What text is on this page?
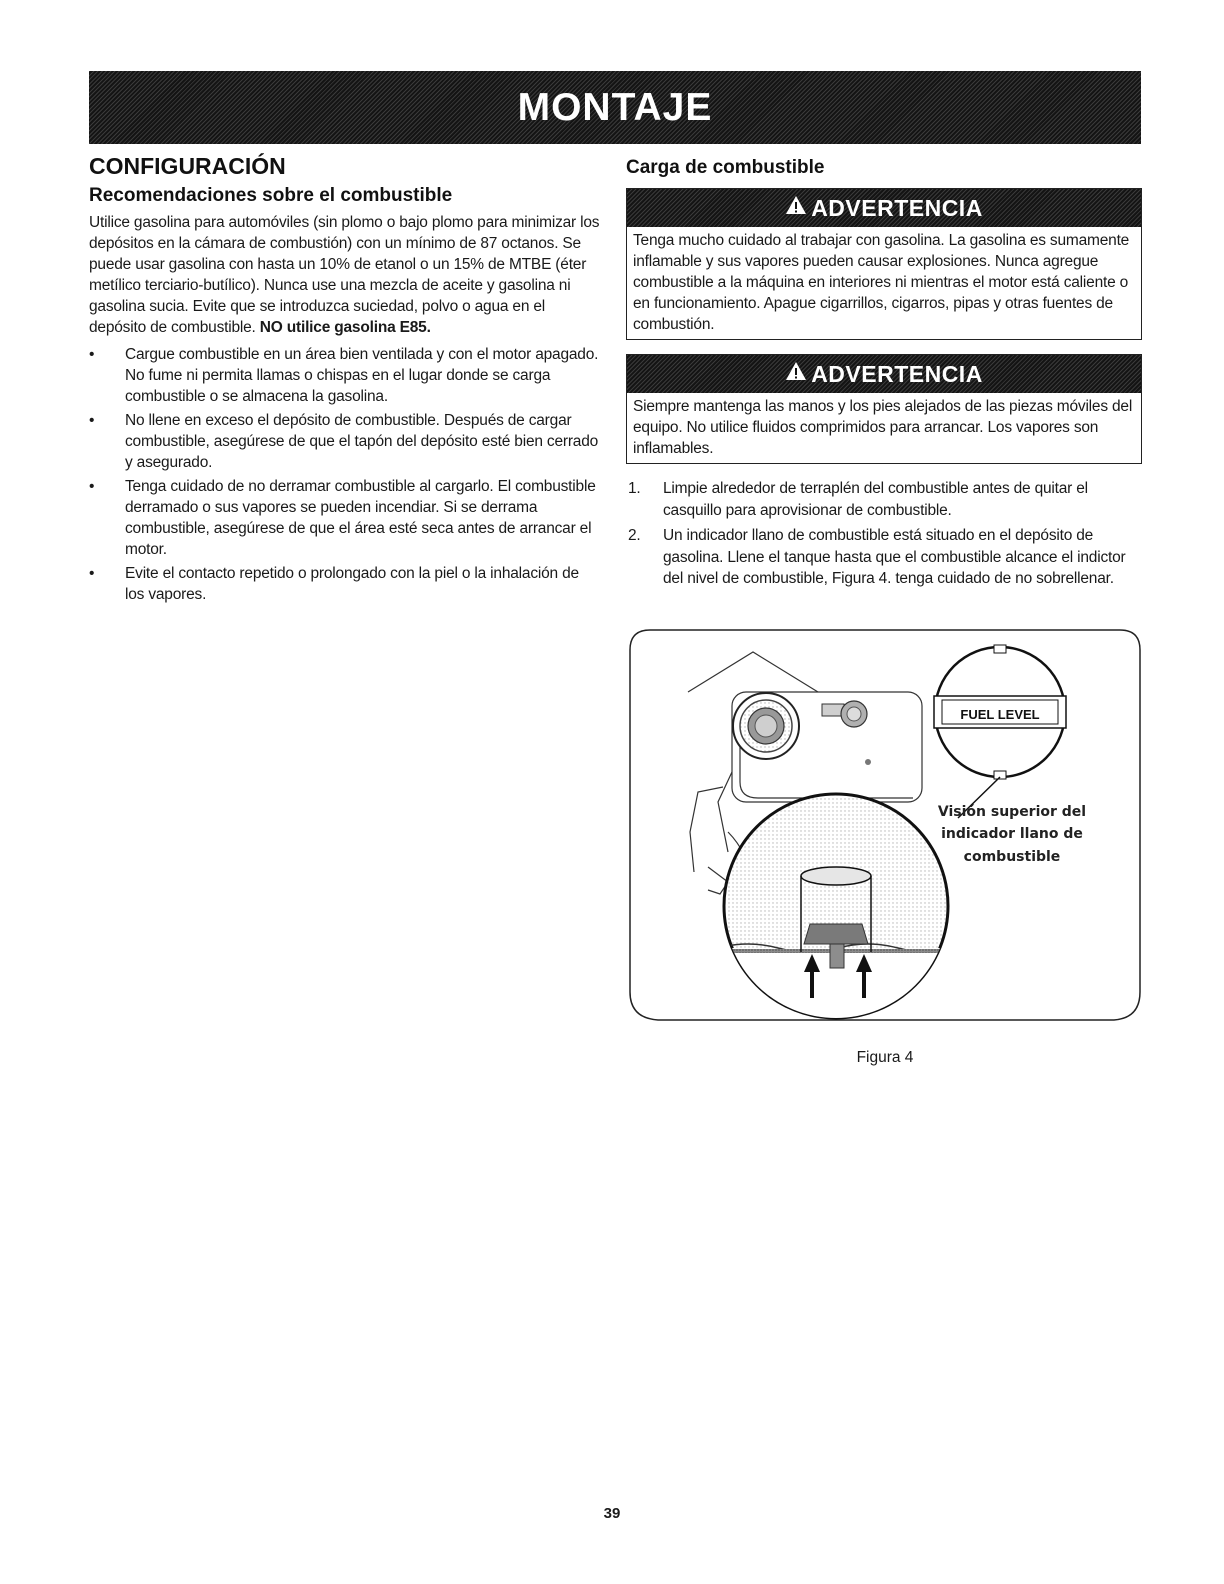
MONTAJE
CONFIGURACIÓN
Recomendaciones sobre el combustible

Utilice gasolina para automóviles (sin plomo o bajo plomo para minimizar los depósitos en la cámara de combustión) con un mínimo de 87 octanos. Se puede usar gasolina con hasta un 10% de etanol o un 15% de MTBE (éter metílico terciario-butílico). Nunca use una mezcla de aceite y gasolina ni gasolina sucia. Evite que se introduzca suciedad, polvo o agua en el depósito de combustible. NO utilice gasolina E85.

• Cargue combustible en un área bien ventilada y con el motor apagado. No fume ni permita llamas o chispas en el lugar donde se carga combustible o se almacena la gasolina.
• No llene en exceso el depósito de combustible. Después de cargar combustible, asegúrese de que el tapón del depósito esté bien cerrado y asegurado.
• Tenga cuidado de no derramar combustible al cargarlo. El combustible derramado o sus vapores se pueden incendiar. Si se derrama combustible, asegúrese de que el área esté seca antes de arrancar el motor.
• Evite el contacto repetido o prolongado con la piel o la inhalación de los vapores.
Carga de combustible
ADVERTENCIA
Tenga mucho cuidado al trabajar con gasolina. La gasolina es sumamente inflamable y sus vapores pueden causar explosiones. Nunca agregue combustible a la máquina en interiores ni mientras el motor está caliente o en funcionamiento. Apague cigarrillos, cigarros, pipas y otras fuentes de combustión.
ADVERTENCIA
Siempre mantenga las manos y los pies alejados de las piezas móviles del equipo. No utilice fluidos comprimidos para arrancar. Los vapores son inflamables.
1. Limpie alrededor de terraplén del combustible antes de quitar el casquillo para aprovisionar de combustible.
2. Un indicador llano de combustible está situado en el depósito de gasolina. Llene el tanque hasta que el combustible alcance el indictor del nivel de combustible, Figura 4. tenga cuidado de no sobrellenar.
FUEL LEVEL
Visión superior del
indicador llano de
combustible
Figura 4
39
